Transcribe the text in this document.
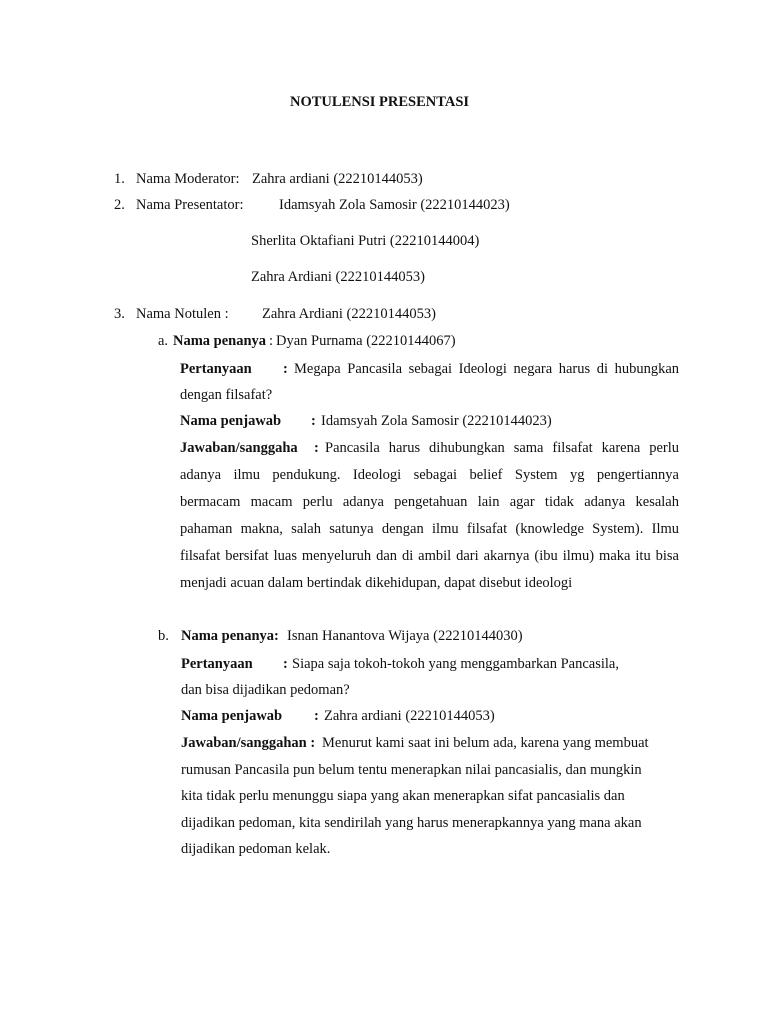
NOTULENSI PRESENTASI
1. Nama Moderator: Zahra ardiani (22210144053)
2. Nama Presentator: Idamsyah Zola Samosir (22210144023)
Sherlita Oktafiani Putri (22210144004)
Zahra Ardiani (22210144053)
3. Nama Notulen : Zahra Ardiani (22210144053)
a. Nama penanya : Dyan Purnama (22210144067)
Pertanyaan : Megapa Pancasila sebagai Ideologi negara harus di hubungkan
dengan filsafat?
Nama penjawab : Idamsyah Zola Samosir (22210144023)
Jawaban/sanggaha : Pancasila harus dihubungkan sama filsafat karena perlu
adanya ilmu pendukung. Ideologi sebagai belief System yg pengertiannya
bermacam macam perlu adanya pengetahuan lain agar tidak adanya kesalah
pahaman makna, salah satunya dengan ilmu filsafat (knowledge System). Ilmu
filsafat bersifat luas menyeluruh dan di ambil dari akarnya (ibu ilmu) maka itu bisa
menjadi acuan dalam bertindak dikehidupan, dapat disebut ideologi
b. Nama penanya: Isnan Hanantova Wijaya (22210144030)
Pertanyaan : Siapa saja tokoh-tokoh yang menggambarkan Pancasila,
dan bisa dijadikan pedoman?
Nama penjawab : Zahra ardiani (22210144053)
Jawaban/sanggahan : Menurut kami saat ini belum ada, karena yang membuat
rumusan Pancasila pun belum tentu menerapkan nilai pancasialis, dan mungkin
kita tidak perlu menunggu siapa yang akan menerapkan sifat pancasialis dan
dijadikan pedoman, kita sendirilah yang harus menerapkannya yang mana akan
dijadikan pedoman kelak.
